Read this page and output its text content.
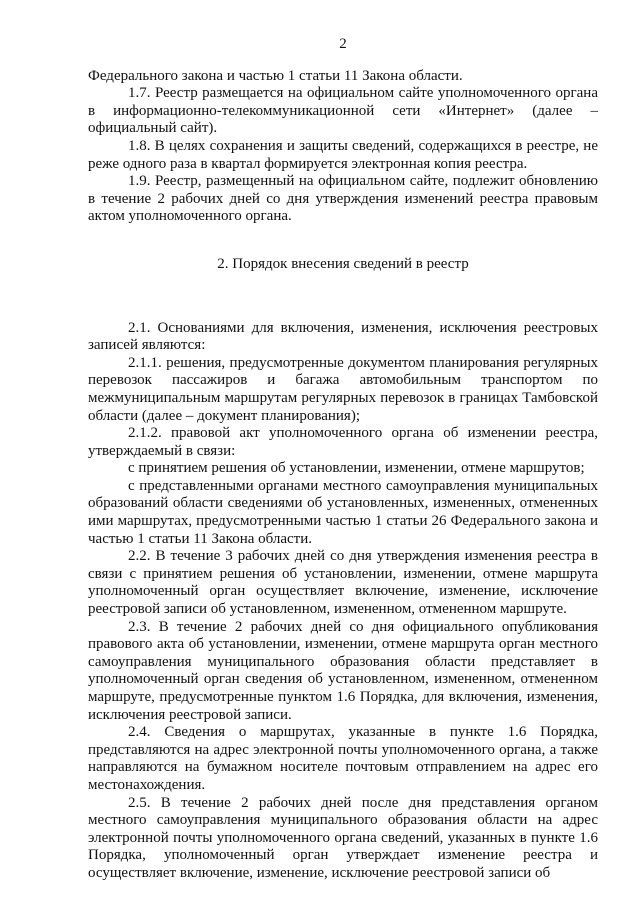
2

Федерального закона и частью 1 статьи 11 Закона области.

1.7. Реестр размещается на официальном сайте уполномоченного органа в информационно-телекоммуникационной сети «Интернет» (далее – официальный сайт).

1.8. В целях сохранения и защиты сведений, содержащихся в реестре, не реже одного раза в квартал формируется электронная копия реестра.

1.9. Реестр, размещенный на официальном сайте, подлежит обновлению в течение 2 рабочих дней со дня утверждения изменений реестра правовым актом уполномоченного органа.

2. Порядок внесения сведений в реестр

2.1. Основаниями для включения, изменения, исключения реестровых записей являются:

2.1.1. решения, предусмотренные документом планирования регулярных перевозок пассажиров и багажа автомобильным транспортом по межмуниципальным маршрутам регулярных перевозок в границах Тамбовской области (далее – документ планирования);

2.1.2. правовой акт уполномоченного органа об изменении реестра, утверждаемый в связи:

с принятием решения об установлении, изменении, отмене маршрутов;

с представленными органами местного самоуправления муниципальных образований области сведениями об установленных, измененных, отмененных ими маршрутах, предусмотренными частью 1 статьи 26 Федерального закона и частью 1 статьи 11 Закона области.

2.2. В течение 3 рабочих дней со дня утверждения изменения реестра в связи с принятием решения об установлении, изменении, отмене маршрута уполномоченный орган осуществляет включение, изменение, исключение реестровой записи об установленном, измененном, отмененном маршруте.

2.3. В течение 2 рабочих дней со дня официального опубликования правового акта об установлении, изменении, отмене маршрута орган местного самоуправления муниципального образования области представляет в уполномоченный орган сведения об установленном, измененном, отмененном маршруте, предусмотренные пунктом 1.6 Порядка, для включения, изменения, исключения реестровой записи.

2.4. Сведения о маршрутах, указанные в пункте 1.6 Порядка, представляются на адрес электронной почты уполномоченного органа, а также направляются на бумажном носителе почтовым отправлением на адрес его местонахождения.

2.5. В течение 2 рабочих дней после дня представления органом местного самоуправления муниципального образования области на адрес электронной почты уполномоченного органа сведений, указанных в пункте 1.6 Порядка, уполномоченный орган утверждает изменение реестра и осуществляет включение, изменение, исключение реестровой записи об
